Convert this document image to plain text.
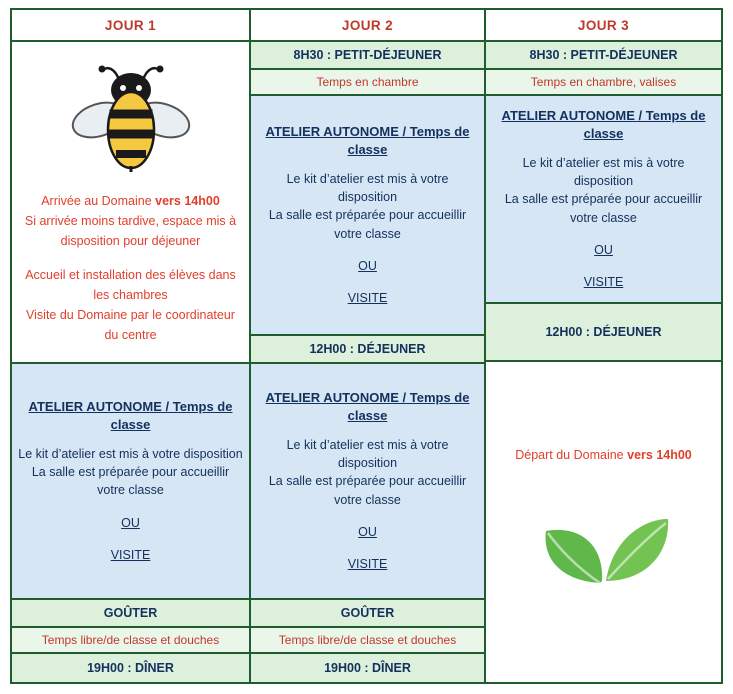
JOUR 1

Arrivée au Domaine vers 14h00

Si arrivée moins tardive, espace mis à disposition pour déjeuner

Accueil et installation des élèves dans les chambres

Visite du Domaine par le coordinateur du centre

ATELIER AUTONOME / Temps de classe
Le kit d’atelier est mis à votre disposition
La salle est préparée pour accueillir votre classe
OU
VISITE
GOÛTER
Temps libre/de classe et douches
19H00 : DÎNER
JOUR 2
8H30 : PETIT-DÉJEUNER
Temps en chambre
ATELIER AUTONOME / Temps de classe
Le kit d’atelier est mis à votre disposition
La salle est préparée pour accueillir votre classe
OU
VISITE
12H00 : DÉJEUNER
ATELIER AUTONOME / Temps de classe
Le kit d’atelier est mis à votre disposition
La salle est préparée pour accueillir votre classe
OU
VISITE
GOÛTER
Temps libre/de classe et douches
19H00 : DÎNER
JOUR 3
8H30 : PETIT-DÉJEUNER
Temps en chambre, valises
ATELIER AUTONOME / Temps de classe
Le kit d’atelier est mis à votre disposition
La salle est préparée pour accueillir votre classe
OU
VISITE
12H00 : DÉJEUNER
Départ du Domaine vers 14h00
